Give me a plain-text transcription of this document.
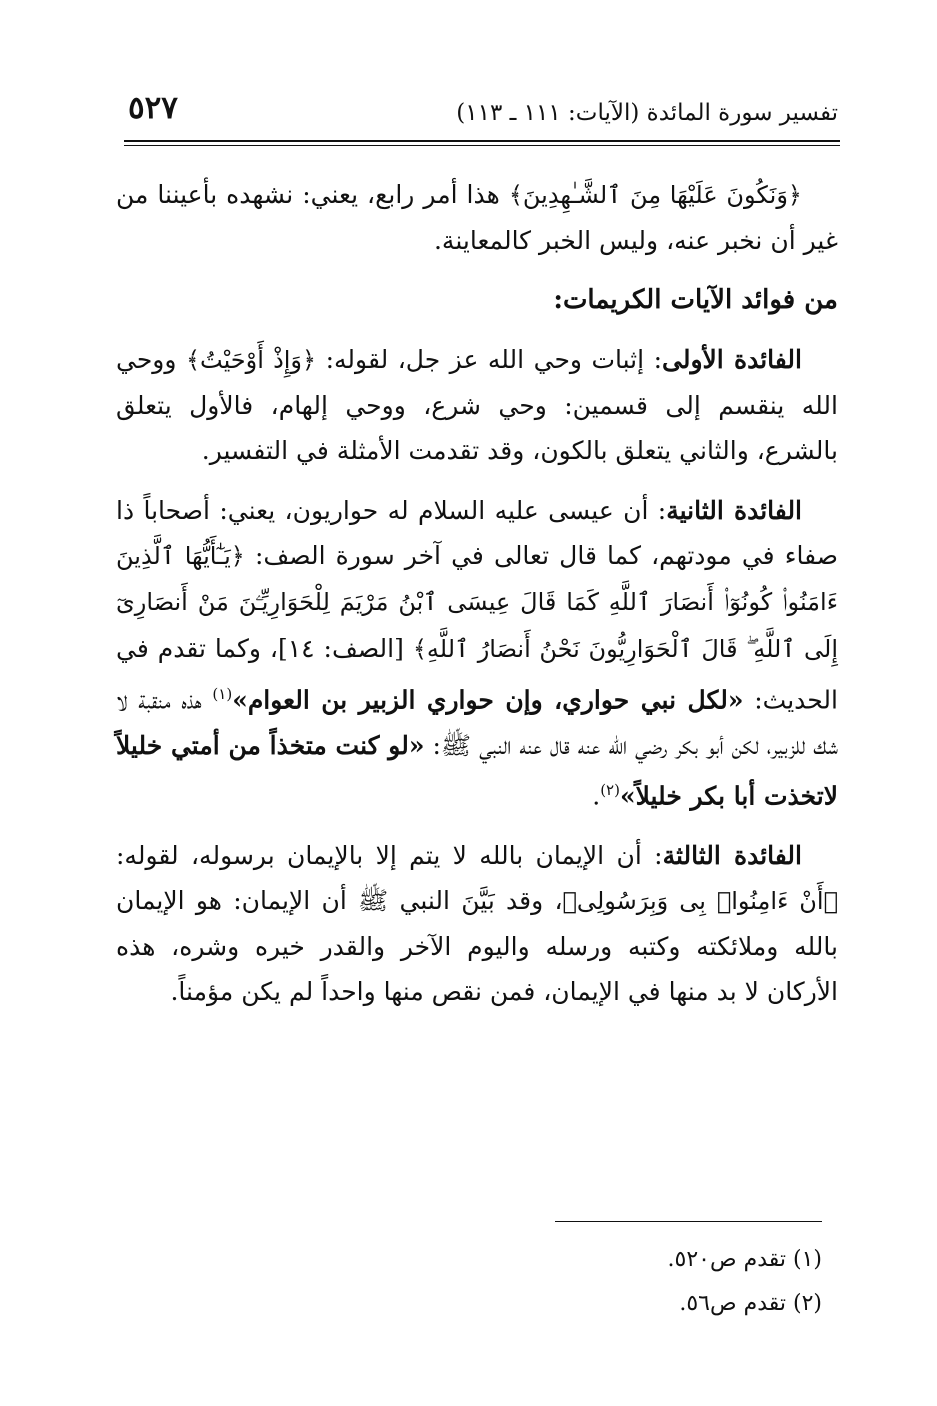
تفسير سورة المائدة (الآيات: ١١١ ـ ١١٣)
٥٢٧

﴿وَنَكُونَ عَلَيْهَا مِنَ ٱلشَّـٰهِدِينَ﴾ هذا أمر رابع، يعني: نشهده بأعيننا من غير أن نخبر عنه، وليس الخبر كالمعاينة.

من فوائد الآيات الكريمات:

الفائدة الأولى: إثبات وحي الله عز جل، لقوله: ﴿وَإِذْ أَوْحَيْتُ﴾ ووحي الله ينقسم إلى قسمين: وحي شرع، ووحي إلهام، فالأول يتعلق بالشرع، والثاني يتعلق بالكون، وقد تقدمت الأمثلة في التفسير.

الفائدة الثانية: أن عيسى عليه السلام له حواريون، يعني: أصحاباً ذا صفاء في مودتهم، كما قال تعالى في آخر سورة الصف: ﴿يَـٰٓأَيُّهَا ٱلَّذِينَ ءَامَنُوا۟ كُونُوٓا۟ أَنصَارَ ٱللَّهِ كَمَا قَالَ عِيسَى ٱبْنُ مَرْيَمَ لِلْحَوَارِيِّـۧنَ مَنْ أَنصَارِىٓ إِلَى ٱللَّهِ ۖ قَالَ ٱلْحَوَارِيُّونَ نَحْنُ أَنصَارُ ٱللَّهِ﴾ [الصف: ١٤]، وكما تقدم في الحديث: «لكل نبي حواري، وإن حواري الزبير بن العوام»$^{(١)}$ هذه منقبة لا شك للزبير، لكن أبو بكر رضي الله عنه قال عنه النبي ﷺ: «لو كنت متخذاً من أمتي خليلاً لاتخذت أبا بكر خليلاً»$^{(٢)}$.

الفائدة الثالثة: أن الإيمان بالله لا يتم إلا بالإيمان برسوله، لقوله: ﴿أَنْ ءَامِنُوا۟ بِى وَبِرَسُولِى﴾، وقد بَيَّنَ النبي ﷺ أن الإيمان: هو الإيمان بالله وملائكته وكتبه ورسله واليوم الآخر والقدر خيره وشره، هذه الأركان لا بد منها في الإيمان، فمن نقص منها واحداً لم يكن مؤمناً.

(١) تقدم ص٥٢٠.
(٢) تقدم ص٥٦.
